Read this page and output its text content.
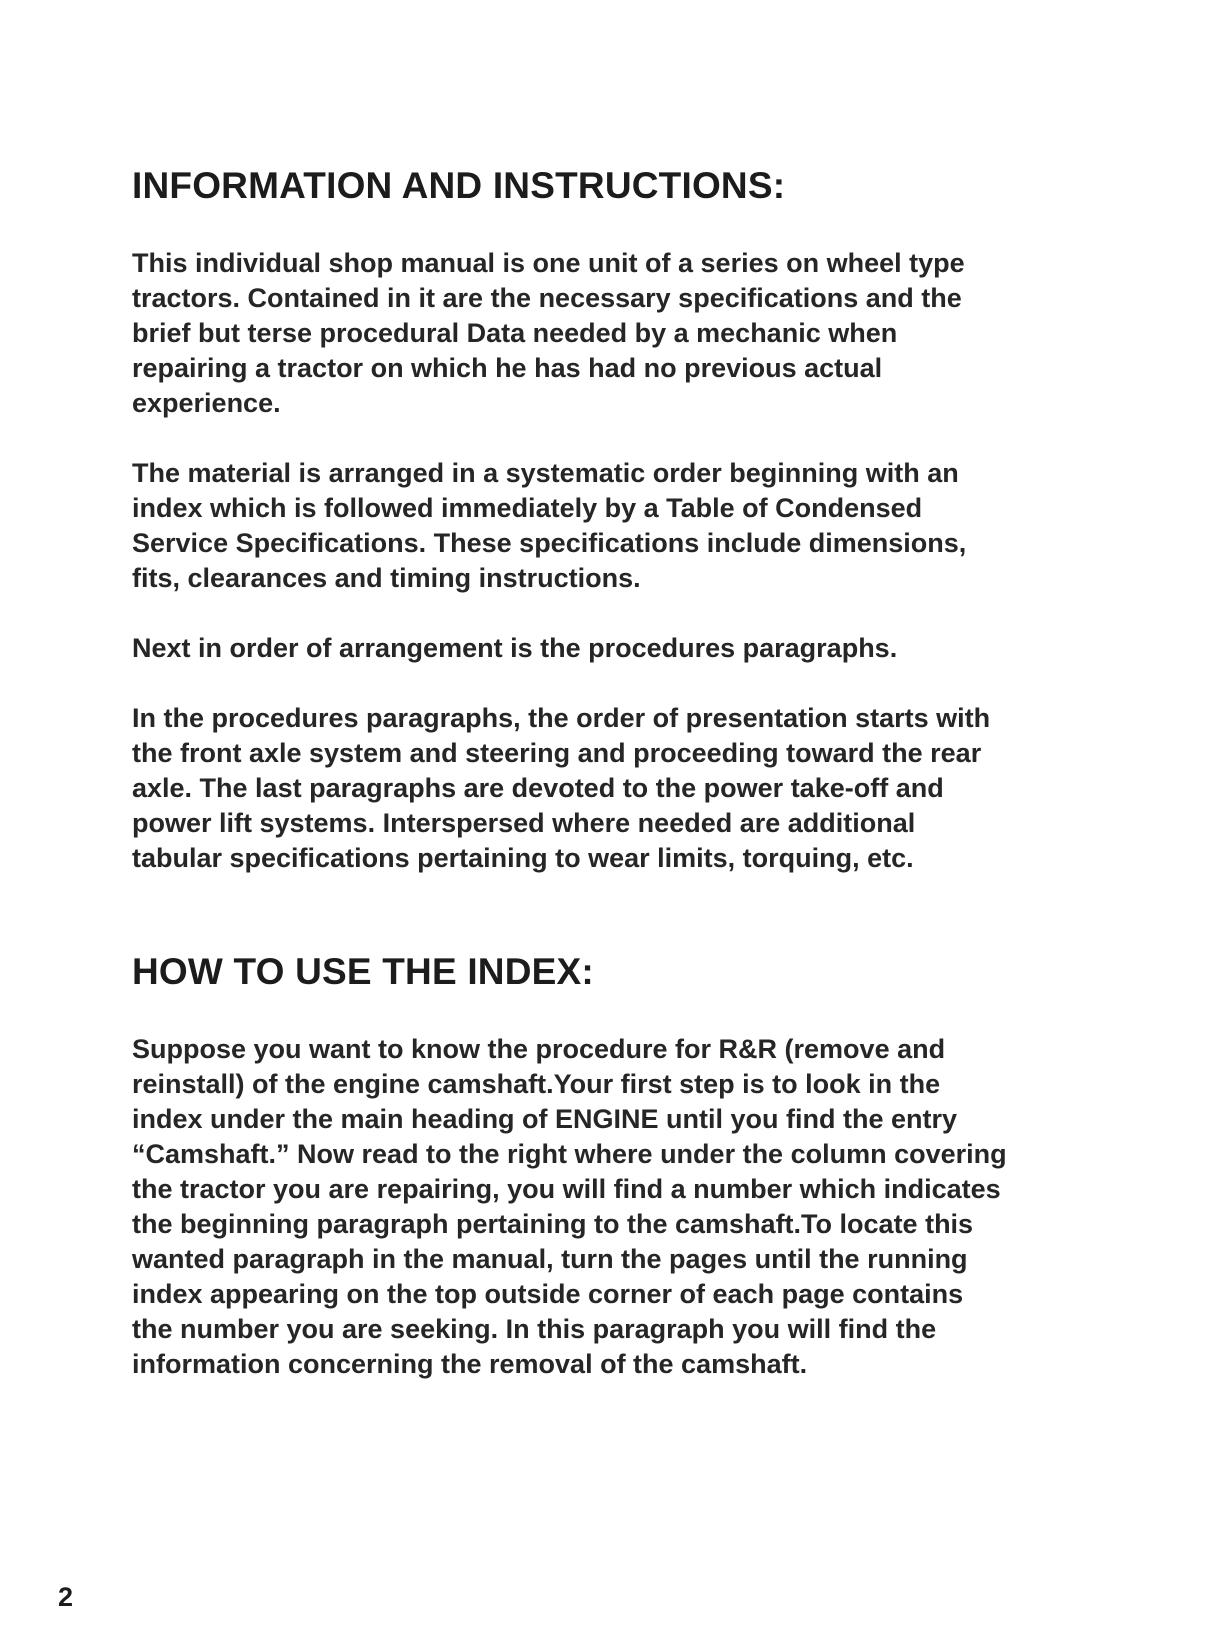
INFORMATION AND INSTRUCTIONS:

This individual shop manual is one unit of a series on wheel type
tractors. Contained in it are the necessary specifications and the
brief but terse procedural Data needed by a mechanic when
repairing a tractor on which he has had no previous actual
experience.

The material is arranged in a systematic order beginning with an
index which is followed immediately by a Table of Condensed
Service Specifications. These specifications include dimensions,
fits, clearances and timing instructions.

Next in order of arrangement is the procedures paragraphs.

In the procedures paragraphs, the order of presentation starts with
the front axle system and steering and proceeding toward the rear
axle. The last paragraphs are devoted to the power take-off and
power lift systems. Interspersed where needed are additional
tabular specifications pertaining to wear limits, torquing, etc.

HOW TO USE THE INDEX:

Suppose you want to know the procedure for R&R (remove and
reinstall) of the engine camshaft.Your first step is to look in the
index under the main heading of ENGINE until you find the entry
“Camshaft.” Now read to the right where under the column covering
the tractor you are repairing, you will find a number which indicates
the beginning paragraph pertaining to the camshaft.To locate this
wanted paragraph in the manual, turn the pages until the running
index appearing on the top outside corner of each page contains
the number you are seeking. In this paragraph you will find the
information concerning the removal of the camshaft.

2
